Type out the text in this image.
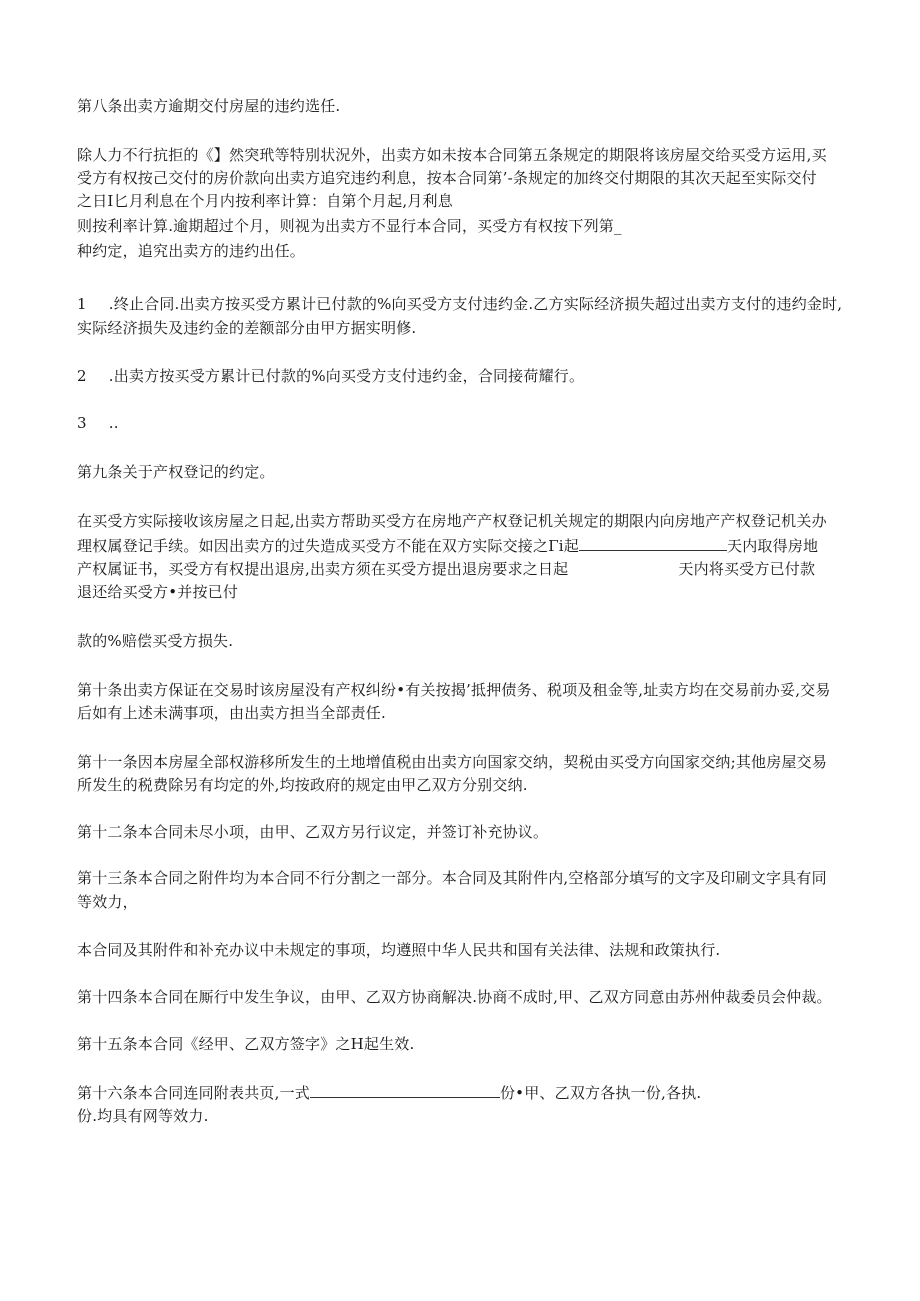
第八条出卖方逾期交付房屋的违约选任.

除人力不行抗拒的《】然突玳等特別状況外，出卖方如未按本合同第五条规定的期限将该房屋交给买受方运用,买

受方有权按己交付的房价款向出卖方追究违约利息，按本合同第’-条规定的加终交付期限的其次天起至实际交付

之日I匕月利息在个月内按利率计算：自第个月起,月利息

则按利率计算.逾期超过个月，则视为出卖方不显行本合同，买受方有权按下列第_

种约定，追究出卖方的违约出任。

1 .终止合同.出卖方按买受方累计已付款的%向买受方支付违约金.乙方实际经济损失超过出卖方支付的违约金时,

实际经济损失及违约金的差额部分由甲方据实明修.

2 .出卖方按买受方累计已付款的%向买受方支付违约金，合同接荷耀行。

3 ..

第九条关于产权登记的约定。

在买受方实际接收该房屋之日起,出卖方帮助买受方在房地产产权登记机关规定的期限内向房地产产权登记机关办

理权属登记手续。如因出卖方的过失造成买受方不能在双方实际交接之Γi起	天内取得房地

产权属证书，买受方有权提出退房,出卖方须在买受方提出退房要求之日起	天内将买受方已付款

退还给买受方•并按已付

款的%赔偿买受方损失.

第十条出卖方保证在交易时该房屋没有产权纠纷•有关按揭’抵押债务、税项及租金等,址卖方均在交易前办妥,交易

后如有上述未满事项，由出卖方担当全部责任.

第十一条因本房屋全部权游移所发生的土地增值税由出卖方向国家交纳，契税由买受方向国家交纳;其他房屋交易

所发生的税费除另有均定的外,均按政府的规定由甲乙双方分别交纳.

第十二条本合同未尽小项，由甲、乙双方另行议定，并签订补充协议。

第十三条本合同之附件均为本合同不行分割之一部分。本合同及其附件内,空格部分填写的文字及印刷文字具有同

等效力，

本合同及其附件和补充办议中未规定的事项，均遵照中华人民共和国有关法律、法规和政策执行.

第十四条本合同在厮行中发生争议，由甲、乙双方协商解决.协商不成时,甲、乙双方同意由苏州仲裁委员会仲裁。

第十五条本合同《经甲、乙双方签字》之H起生效.

第十六条本合同连同附表共页,一式	份•甲、乙双方各执一份,各执.

份.均具有网等效力.
